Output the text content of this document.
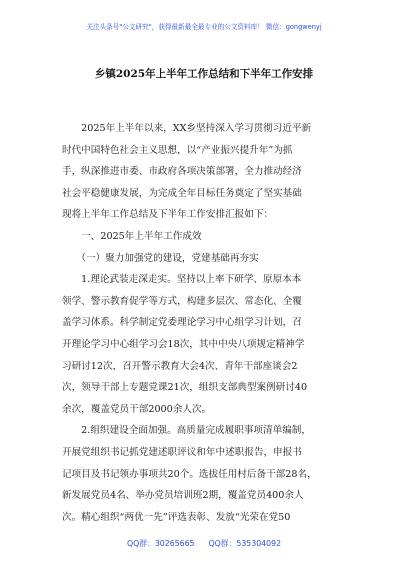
关注头条号"公文研究"，获得最新最全最专业的公文资料库！ 微信：gongwenyj
乡镇2025年上半年工作总结和下半年工作安排
　　2025年上半年以来，XX乡坚持深入学习贯彻习近平新
时代中国特色社会主义思想，以“产业振兴提升年”为抓
手，纵深推进市委、市政府各项决策部署，全力推动经济
社会平稳健康发展，为完成全年目标任务奠定了坚实基础
现将上半年工作总结及下半年工作安排汇报如下：
　　一、2025年上半年工作成效
　　（一）聚力加强党的建设，党建基础再夯实
　　1.理论武装走深走实。坚持以上率下研学、原原本本
领学、警示教育促学等方式，构建多层次、常态化、全覆
盖学习体系。科学制定党委理论学习中心组学习计划，召
开理论学习中心组学习会18次，其中中央八项规定精神学
习研讨12次，召开警示教育大会4次、青年干部座谈会2
次，领导干部上专题党课21次，组织支部典型案例研讨40
余次，覆盖党员干部2000余人次。
　　2.组织建设全面加强。高质量完成履职事项清单编制，
开展党组织书记抓党建述职评议和年中述职报告，申报书
记项目及书记领办事项共20个。选拔任用村后备干部28名，
新发展党员4名、举办党员培训班2期，覆盖党员400余人
次。精心组织“两优一先”评选表彰、发放“光荣在党50
QQ群：30265665 QQ群：535304092
